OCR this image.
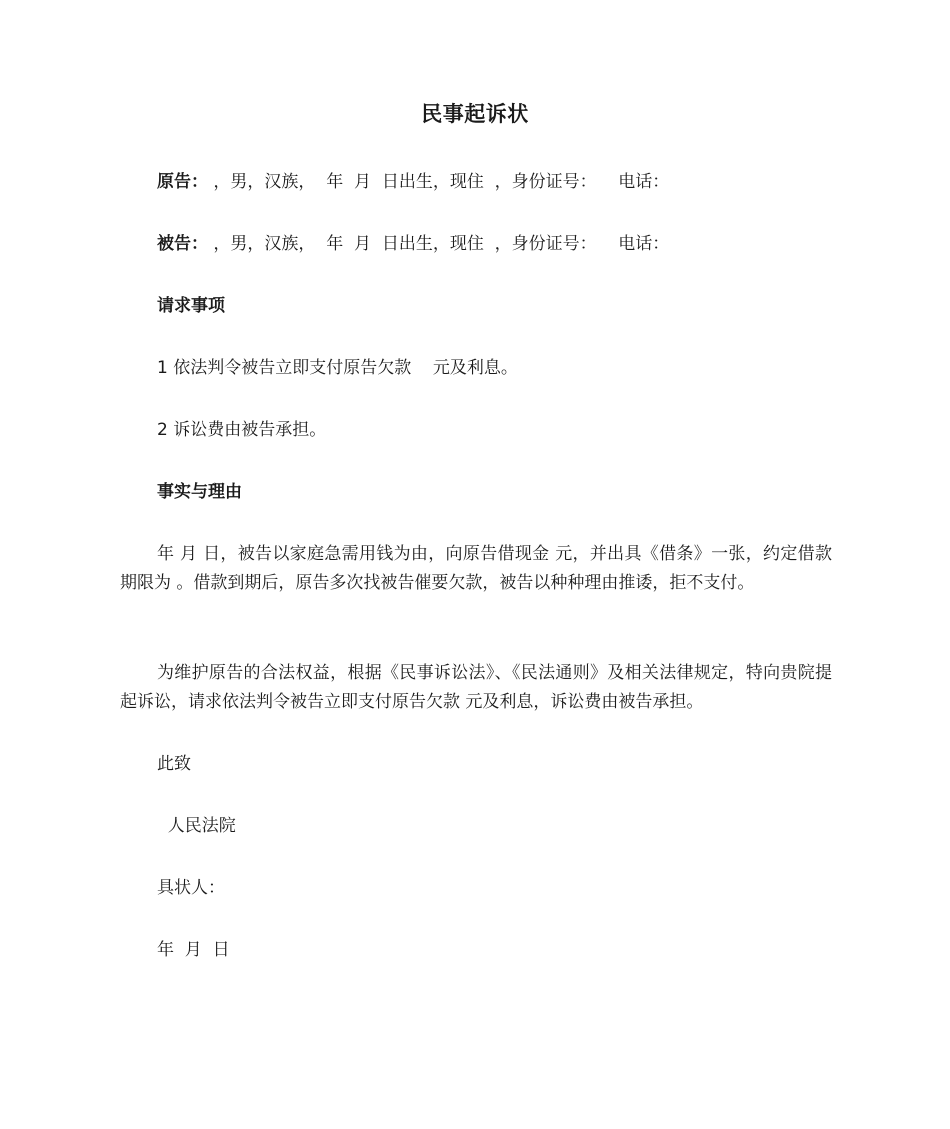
民事起诉状
原告： ，男，汉族，  年  月  日出生，现住  ，身份证号：    电话：
被告： ，男，汉族，  年  月  日出生，现住  ，身份证号：    电话：
请求事项
1 依法判令被告立即支付原告欠款    元及利息。
2 诉讼费由被告承担。
事实与理由
年 月 日，被告以家庭急需用钱为由，向原告借现金 元，并出具《借条》一张，约定借款期限为 。借款到期后，原告多次找被告催要欠款，被告以种种理由推诿，拒不支付。
为维护原告的合法权益，根据《民事诉讼法》、《民法通则》及相关法律规定，特向贵院提起诉讼，请求依法判令被告立即支付原告欠款 元及利息，诉讼费由被告承担。
此致
人民法院
具状人：
年  月  日
